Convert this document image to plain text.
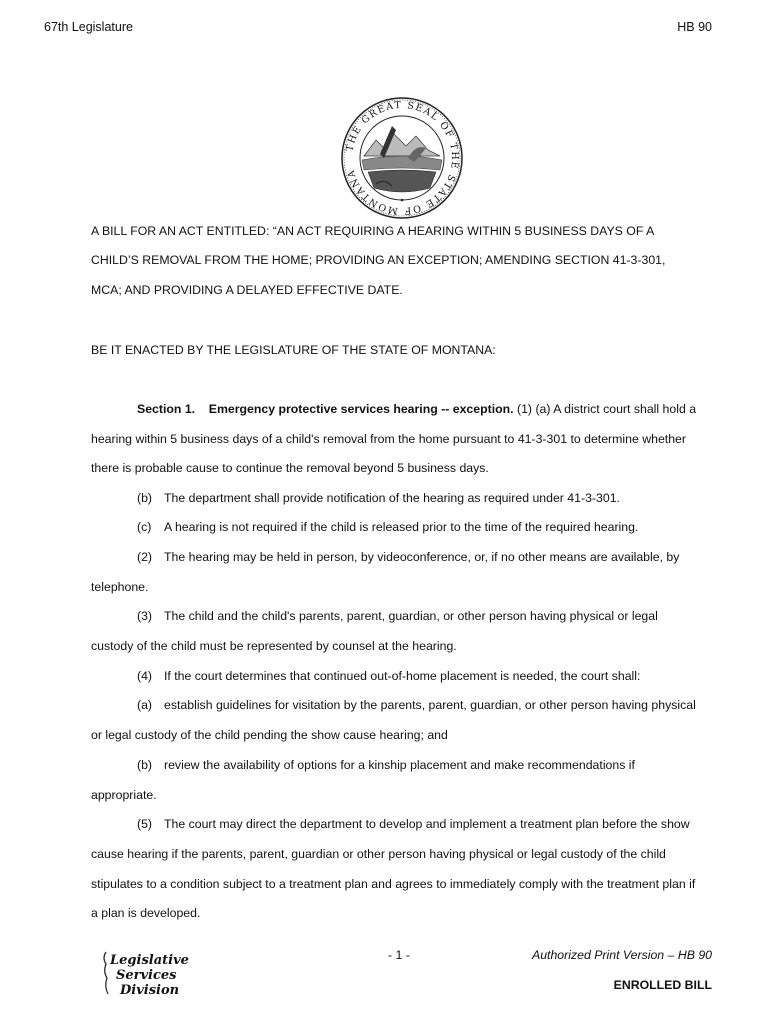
67th Legislature	HB 90
THE GREAT SEAL OF THE STATE OF MONTANA
A BILL FOR AN ACT ENTITLED: “AN ACT REQUIRING A HEARING WITHIN 5 BUSINESS DAYS OF A
CHILD’S REMOVAL FROM THE HOME; PROVIDING AN EXCEPTION; AMENDING SECTION 41-3-301,
MCA; AND PROVIDING A DELAYED EFFECTIVE DATE.
BE IT ENACTED BY THE LEGISLATURE OF THE STATE OF MONTANA:
Section 1. Emergency protective services hearing -- exception. (1) (a) A district court shall hold a
hearing within 5 business days of a child's removal from the home pursuant to 41-3-301 to determine whether
there is probable cause to continue the removal beyond 5 business days.
(b) The department shall provide notification of the hearing as required under 41-3-301.
(c) A hearing is not required if the child is released prior to the time of the required hearing.
(2) The hearing may be held in person, by videoconference, or, if no other means are available, by
telephone.
(3) The child and the child's parents, parent, guardian, or other person having physical or legal
custody of the child must be represented by counsel at the hearing.
(4) If the court determines that continued out-of-home placement is needed, the court shall:
(a) establish guidelines for visitation by the parents, parent, guardian, or other person having physical
or legal custody of the child pending the show cause hearing; and
(b) review the availability of options for a kinship placement and make recommendations if
appropriate.
(5) The court may direct the department to develop and implement a treatment plan before the show
cause hearing if the parents, parent, guardian or other person having physical or legal custody of the child
stipulates to a condition subject to a treatment plan and agrees to immediately comply with the treatment plan if
a plan is developed.
Legislative
Services
Division
- 1 -	Authorized Print Version – HB 90
ENROLLED BILL
